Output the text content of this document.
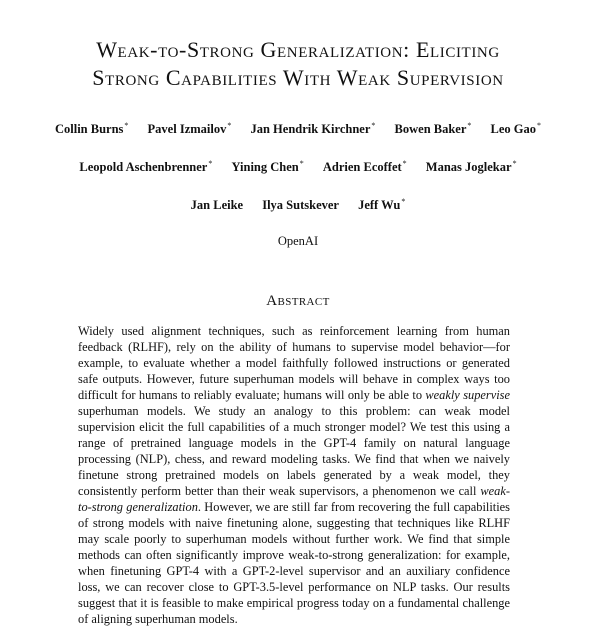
Weak-to-Strong Generalization: Eliciting
Strong Capabilities With Weak Supervision
Collin Burns* Pavel Izmailov* Jan Hendrik Kirchner* Bowen Baker* Leo Gao*
Leopold Aschenbrenner* Yining Chen* Adrien Ecoffet* Manas Joglekar*
Jan Leike Ilya Sutskever Jeff Wu*
OpenAI
Abstract
Widely used alignment techniques, such as reinforcement learning from human feedback (RLHF), rely on the ability of humans to supervise model behavior—for example, to evaluate whether a model faithfully followed instructions or generated safe outputs. However, future superhuman models will behave in complex ways too difficult for humans to reliably evaluate; humans will only be able to weakly supervise superhuman models. We study an analogy to this problem: can weak model supervision elicit the full capabilities of a much stronger model? We test this using a range of pretrained language models in the GPT-4 family on natural language processing (NLP), chess, and reward modeling tasks. We find that when we naively finetune strong pretrained models on labels generated by a weak model, they consistently perform better than their weak supervisors, a phenomenon we call weak-to-strong generalization. However, we are still far from recovering the full capabilities of strong models with naive finetuning alone, suggesting that techniques like RLHF may scale poorly to superhuman models without further work. We find that simple methods can often significantly improve weak-to-strong generalization: for example, when finetuning GPT-4 with a GPT-2-level supervisor and an auxiliary confidence loss, we can recover close to GPT-3.5-level performance on NLP tasks. Our results suggest that it is feasible to make empirical progress today on a fundamental challenge of aligning superhuman models.
